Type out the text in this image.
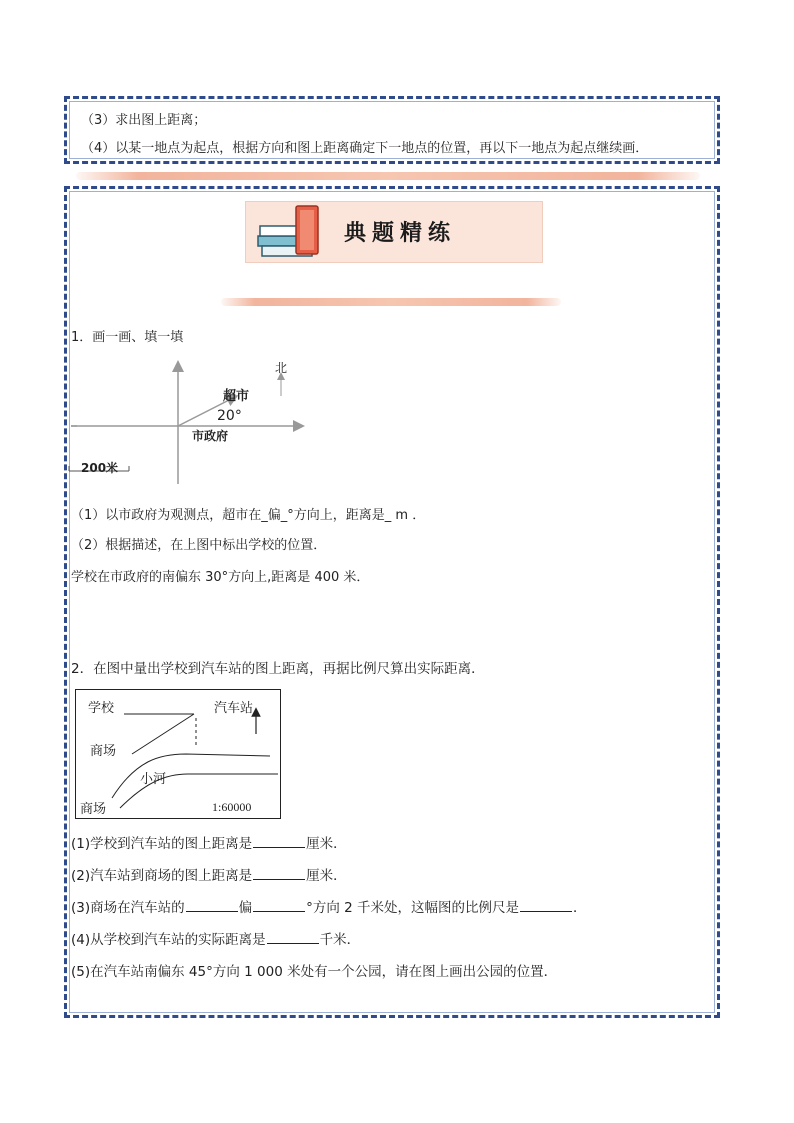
（3）求出图上距离；
（4）以某一地点为起点，根据方向和图上距离确定下一地点的位置，再以下一地点为起点继续画．
典题精练
1．画一画、填一填
北
超市
20°
市政府
200米
（1）以市政府为观测点，超市在_偏_°方向上，距离是_ m ．
（2）根据描述，在上图中标出学校的位置．
学校在市政府的南偏东 30°方向上,距离是 400 米．
2．在图中量出学校到汽车站的图上距离，再据比例尺算出实际距离．
学校	汽车站
商场
小河
商场	1:60000
(1)学校到汽车站的图上距离是	厘米．
(2)汽车站到商场的图上距离是	厘米．
(3)商场在汽车站的	偏	°方向 2 千米处，这幅图的比例尺是	．
(4)从学校到汽车站的实际距离是	千米．
(5)在汽车站南偏东 45°方向 1 000 米处有一个公园，请在图上画出公园的位置．
